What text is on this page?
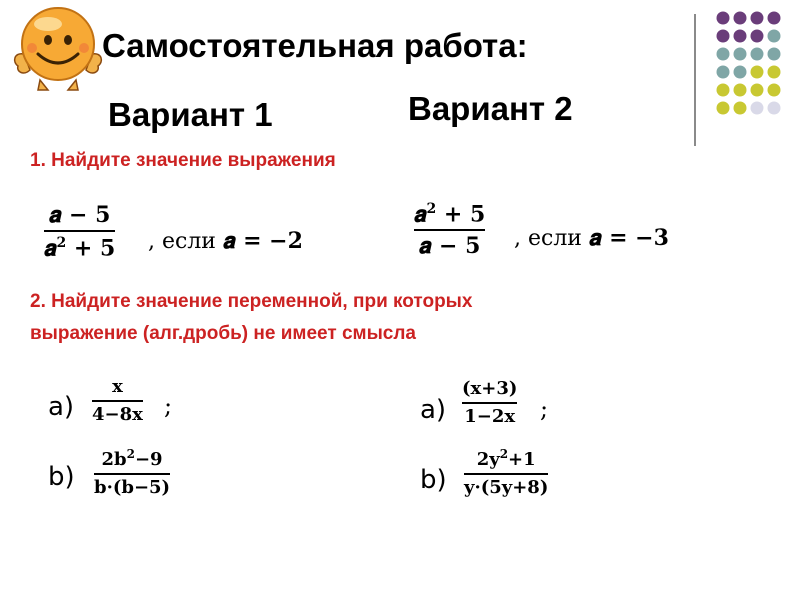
Самостоятельная работа:
Вариант 1	Вариант 2
1. Найдите значение выражения
𝒂 − 5
𝒂$^2$ + 5 , если 𝒂 = −2
𝒂$^2$ + 5
𝒂 − 5 , если 𝒂 = −3
2. Найдите значение переменной, при которых
выражение (алг.дробь) не имеет смысла
a)
x
4−8x ;
b)
$2b^2-9$
b·(b−5)
a)
(x+3)
1−2x ;
b)
$2y^2+1$
y·(5y+8)
